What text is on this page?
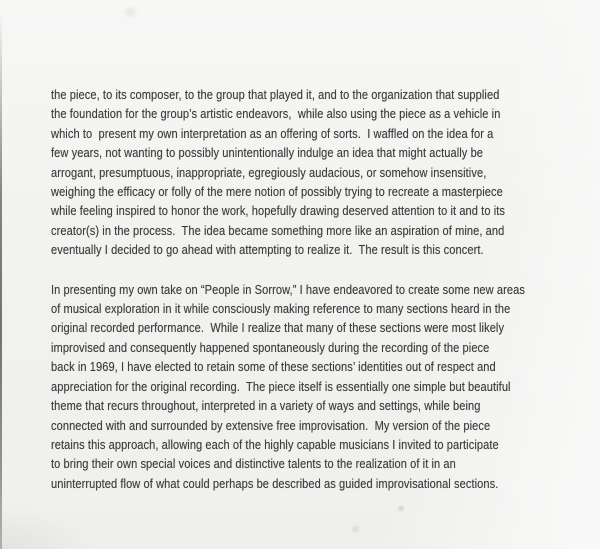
the piece, to its composer, to the group that played it, and to the organization that supplied
the foundation for the group’s artistic endeavors,  while also using the piece as a vehicle in
which to  present my own interpretation as an offering of sorts.  I waffled on the idea for a
few years, not wanting to possibly unintentionally indulge an idea that might actually be
arrogant, presumptuous, inappropriate, egregiously audacious, or somehow insensitive,
weighing the efficacy or folly of the mere notion of possibly trying to recreate a masterpiece
while feeling inspired to honor the work, hopefully drawing deserved attention to it and to its
creator(s) in the process.  The idea became something more like an aspiration of mine, and
eventually I decided to go ahead with attempting to realize it.  The result is this concert.
In presenting my own take on “People in Sorrow,” I have endeavored to create some new areas
of musical exploration in it while consciously making reference to many sections heard in the
original recorded performance.  While I realize that many of these sections were most likely
improvised and consequently happened spontaneously during the recording of the piece
back in 1969, I have elected to retain some of these sections’ identities out of respect and
appreciation for the original recording.  The piece itself is essentially one simple but beautiful
theme that recurs throughout, interpreted in a variety of ways and settings, while being
connected with and surrounded by extensive free improvisation.  My version of the piece
retains this approach, allowing each of the highly capable musicians I invited to participate
to bring their own special voices and distinctive talents to the realization of it in an
uninterrupted flow of what could perhaps be described as guided improvisational sections.
